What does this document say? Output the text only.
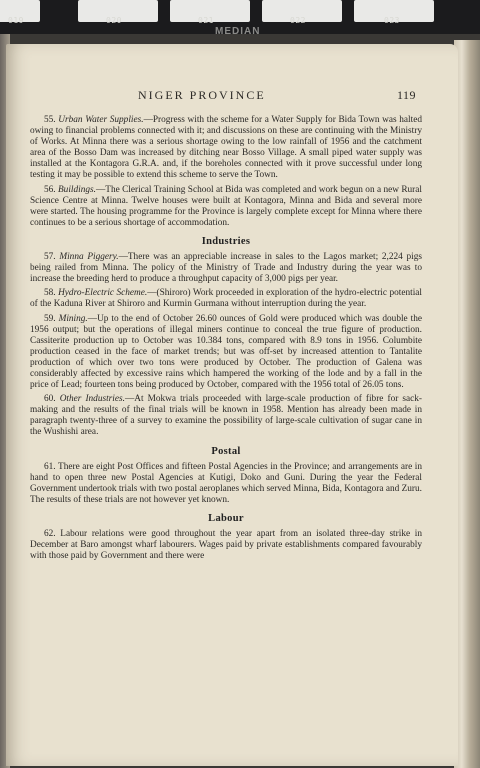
019	020	021	022	023
MEDIAN
NIGER PROVINCE	119

55. Urban Water Supplies.—Progress with the scheme for a Water Supply for Bida Town was halted owing to financial problems connected with it; and discussions on these are continuing with the Ministry of Works. At Minna there was a serious shortage owing to the low rainfall of 1956 and the catchment area of the Bosso Dam was increased by ditching near Bosso Village. A small piped water supply was installed at the Kontagora G.R.A. and, if the boreholes connected with it prove successful under long testing it may be possible to extend this scheme to serve the Town.

56. Buildings.—The Clerical Training School at Bida was completed and work begun on a new Rural Science Centre at Minna. Twelve houses were built at Kontagora, Minna and Bida and several more were started. The housing programme for the Province is largely complete except for Minna where there continues to be a serious shortage of accommodation.

Industries

57. Minna Piggery.—There was an appreciable increase in sales to the Lagos market; 2,224 pigs being railed from Minna. The policy of the Ministry of Trade and Industry during the year was to increase the breeding herd to produce a throughput capacity of 3,000 pigs per year.

58. Hydro-Electric Scheme.—(Shiroro) Work proceeded in exploration of the hydro-electric potential of the Kaduna River at Shiroro and Kurmin Gurmana without interruption during the year.

59. Mining.—Up to the end of October 26.60 ounces of Gold were produced which was double the 1956 output; but the operations of illegal miners continue to conceal the true figure of production. Cassiterite production up to October was 10.384 tons, compared with 8.9 tons in 1956. Columbite production ceased in the face of market trends; but was off-set by increased attention to Tantalite production of which over two tons were produced by October. The production of Galena was considerably affected by excessive rains which hampered the working of the lode and by a fall in the price of Lead; fourteen tons being produced by October, compared with the 1956 total of 26.05 tons.

60. Other Industries.—At Mokwa trials proceeded with large-scale production of fibre for sack-making and the results of the final trials will be known in 1958. Mention has already been made in paragraph twenty-three of a survey to examine the possibility of large-scale cultivation of sugar cane in the Wushishi area.

Postal

61. There are eight Post Offices and fifteen Postal Agencies in the Province; and arrangements are in hand to open three new Postal Agencies at Kutigi, Doko and Guni. During the year the Federal Government undertook trials with two postal aeroplanes which served Minna, Bida, Kontagora and Zuru. The results of these trials are not however yet known.

Labour

62. Labour relations were good throughout the year apart from an isolated three-day strike in December at Baro amongst wharf labourers. Wages paid by private establishments compared favourably with those paid by Government and there were
